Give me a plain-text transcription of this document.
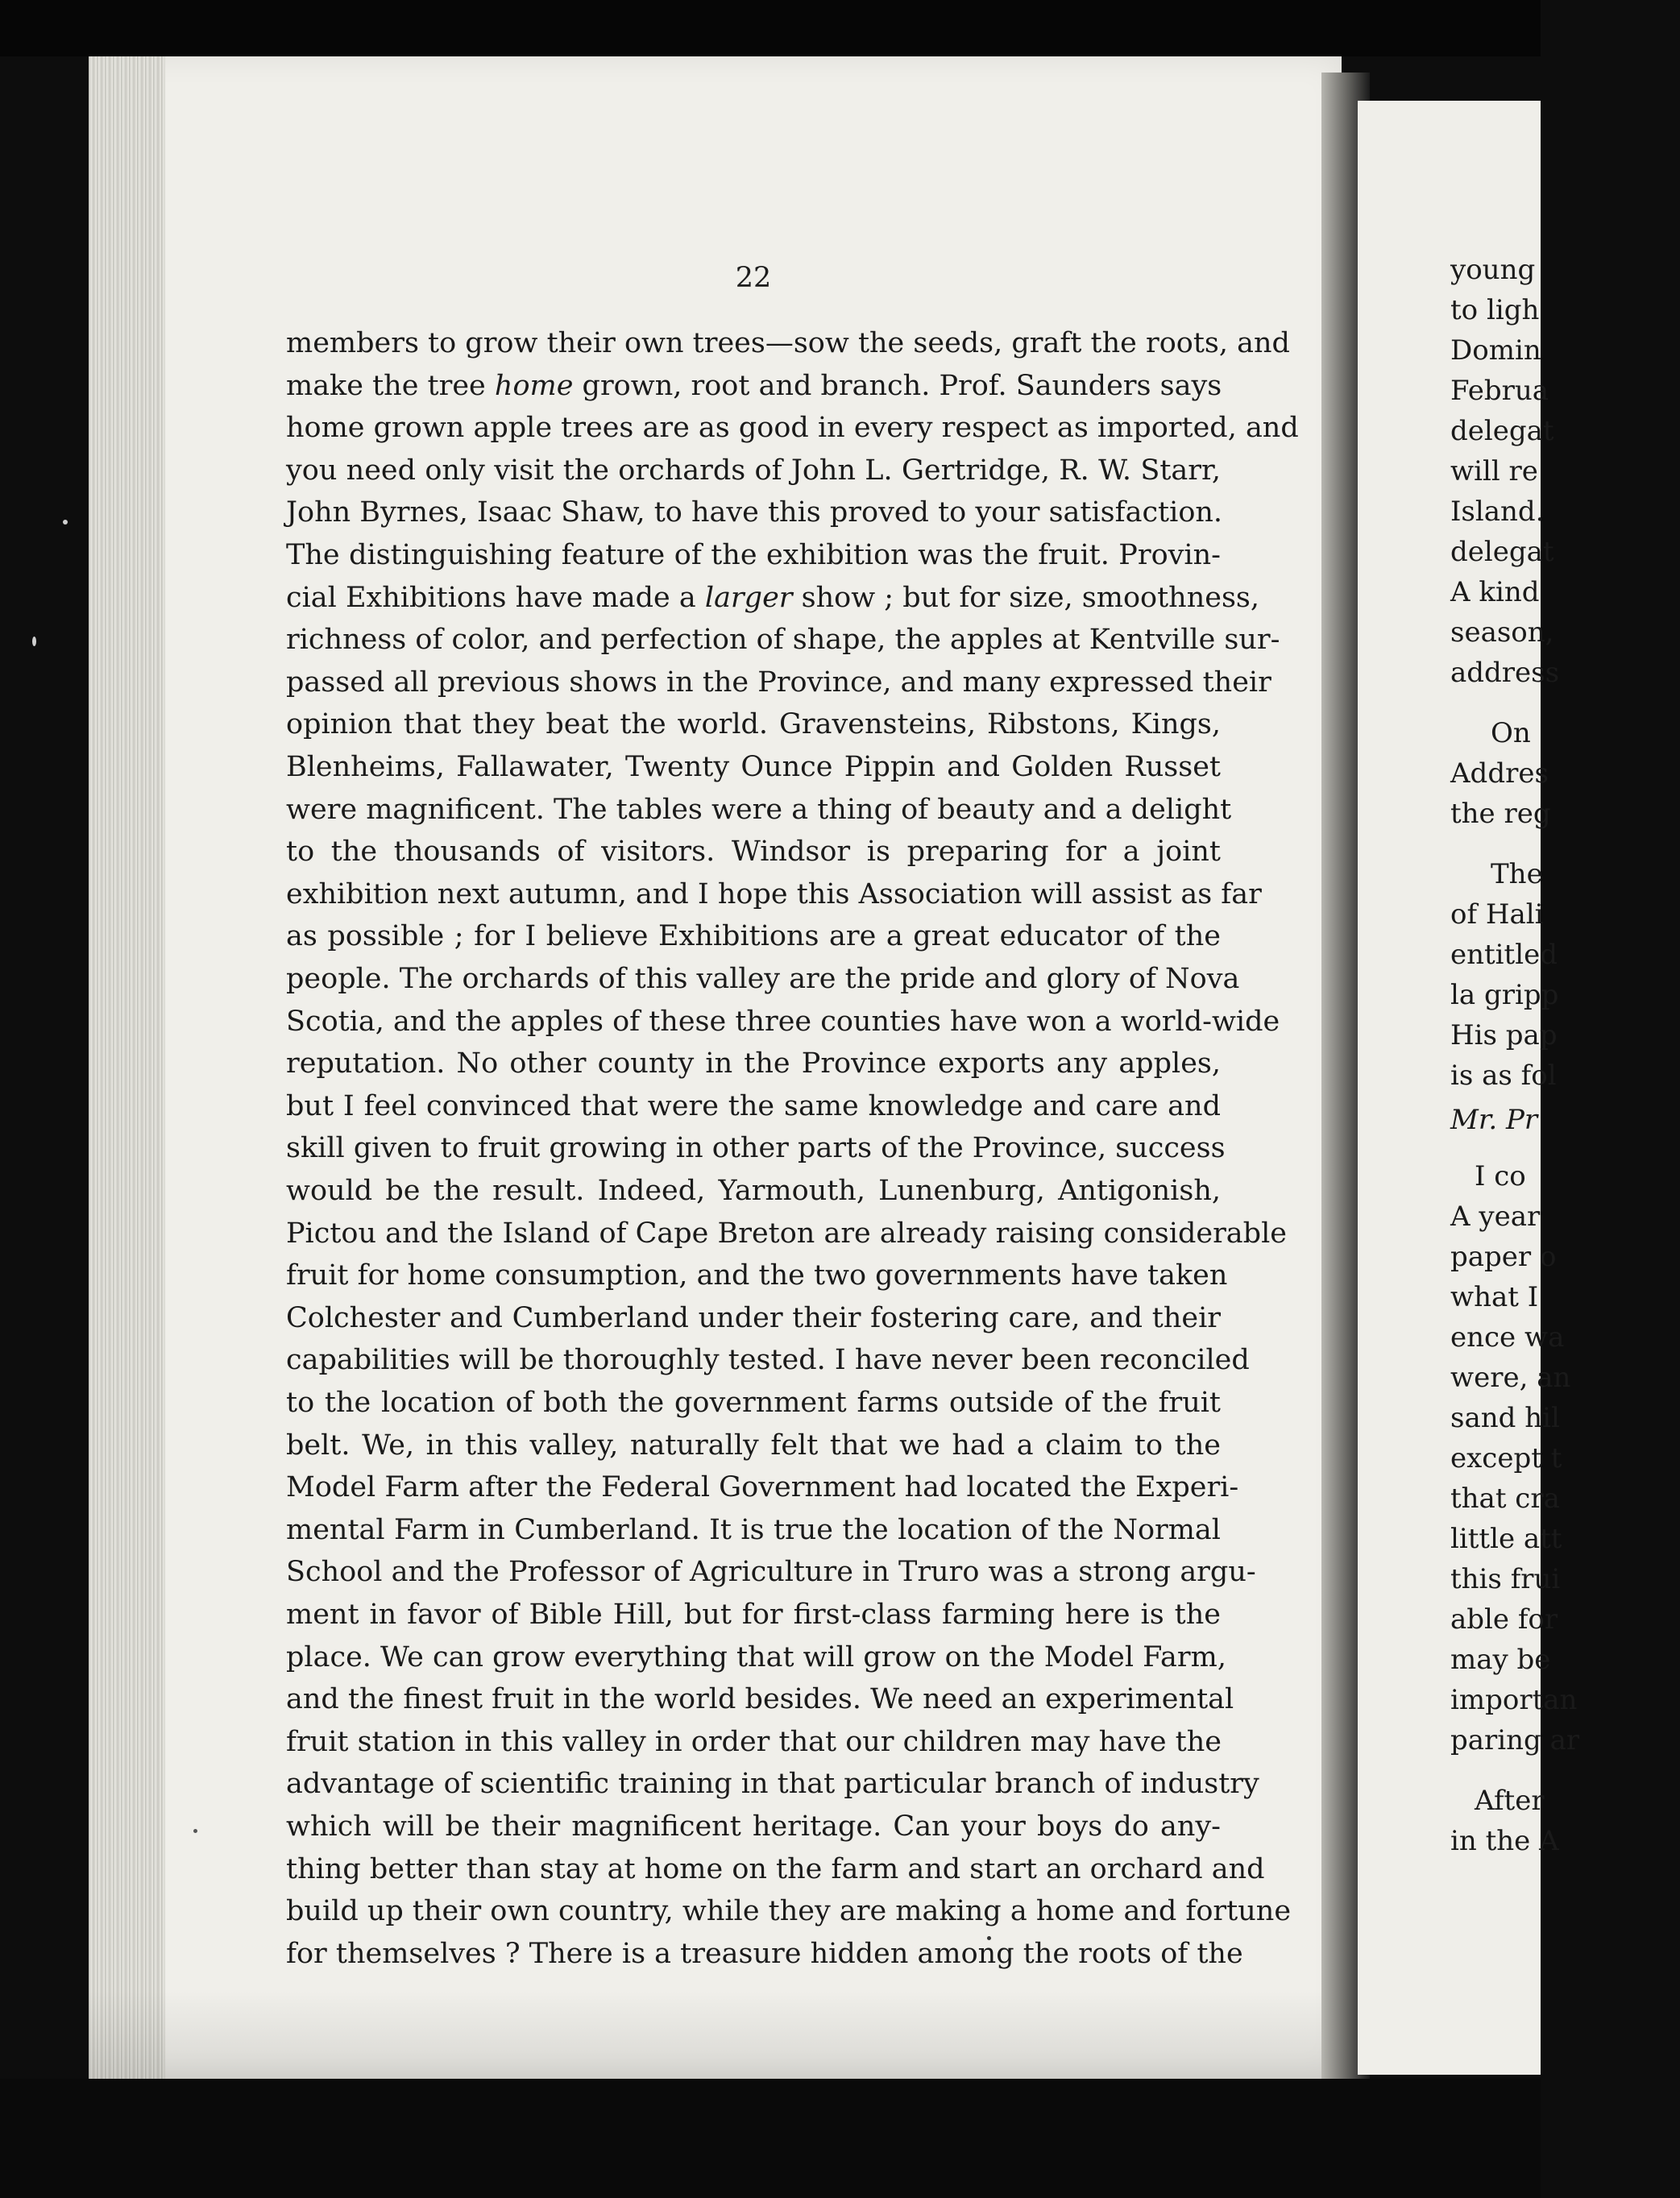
young
to ligh
Domin
Februa
delegat
will re
Island.
delegat
A kind
season,
address
On
Addres
the reg
The
of Hali
entitled
la gripp
His pap
is as fol
Mr. Pr
I co
A year
paper o
what I
ence wa
were, an
sand hil
except t
that cra
little att
this frui
able for
may be
importan
paring ar
After
in the A
22
members to grow their own trees—sow the seeds, graft the roots, and
make the tree home grown, root and branch. Prof. Saunders says
home grown apple trees are as good in every respect as imported, and
you need only visit the orchards of John L. Gertridge, R. W. Starr,
John Byrnes, Isaac Shaw, to have this proved to your satisfaction.
The distinguishing feature of the exhibition was the fruit. Provin-
cial Exhibitions have made a larger show ; but for size, smoothness,
richness of color, and perfection of shape, the apples at Kentville sur-
passed all previous shows in the Province, and many expressed their
opinion that they beat the world. Gravensteins, Ribstons, Kings,
Blenheims, Fallawater, Twenty Ounce Pippin and Golden Russet
were magnificent. The tables were a thing of beauty and a delight
to the thousands of visitors. Windsor is preparing for a joint
exhibition next autumn, and I hope this Association will assist as far
as possible ; for I believe Exhibitions are a great educator of the
people. The orchards of this valley are the pride and glory of Nova
Scotia, and the apples of these three counties have won a world-wide
reputation. No other county in the Province exports any apples,
but I feel convinced that were the same knowledge and care and
skill given to fruit growing in other parts of the Province, success
would be the result. Indeed, Yarmouth, Lunenburg, Antigonish,
Pictou and the Island of Cape Breton are already raising considerable
fruit for home consumption, and the two governments have taken
Colchester and Cumberland under their fostering care, and their
capabilities will be thoroughly tested. I have never been reconciled
to the location of both the government farms outside of the fruit
belt. We, in this valley, naturally felt that we had a claim to the
Model Farm after the Federal Government had located the Experi-
mental Farm in Cumberland. It is true the location of the Normal
School and the Professor of Agriculture in Truro was a strong argu-
ment in favor of Bible Hill, but for first-class farming here is the
place. We can grow everything that will grow on the Model Farm,
and the finest fruit in the world besides. We need an experimental
fruit station in this valley in order that our children may have the
advantage of scientific training in that particular branch of industry
which will be their magnificent heritage. Can your boys do any-
thing better than stay at home on the farm and start an orchard and
build up their own country, while they are making a home and fortune
for themselves ? There is a treasure hidden among the roots of the
